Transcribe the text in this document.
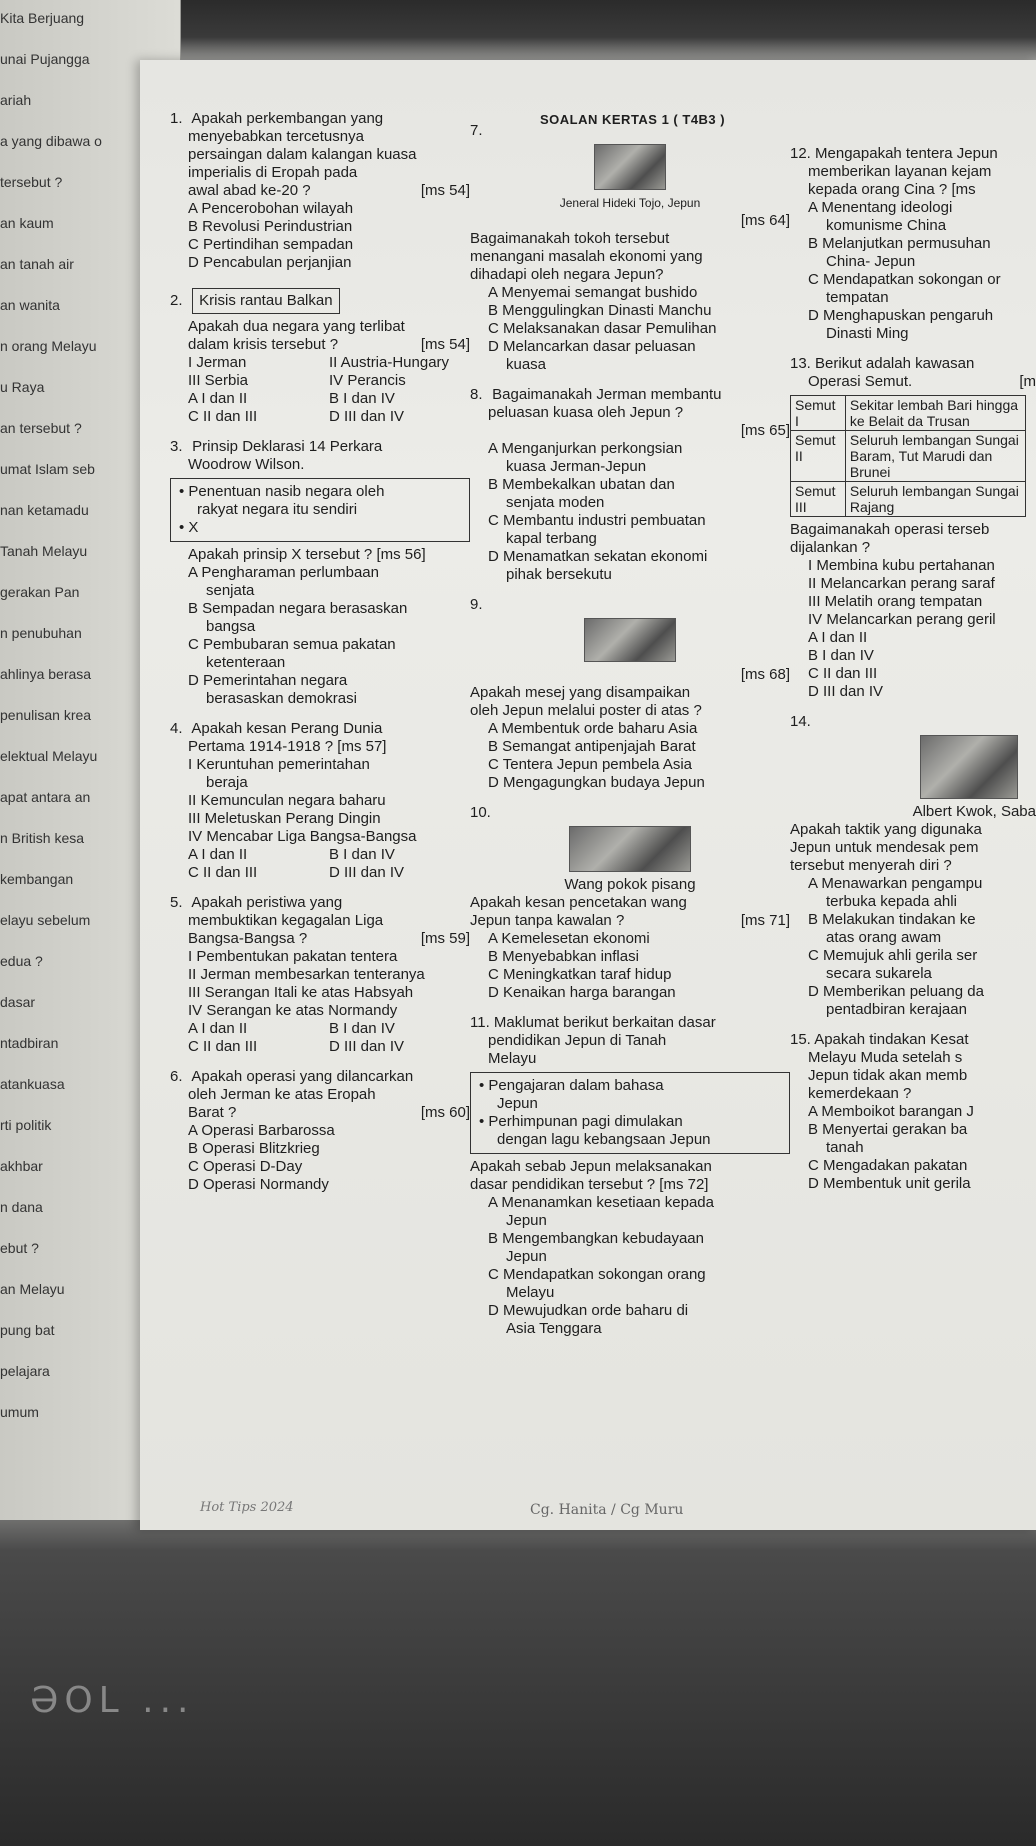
Kita Berjuang
unai Pujangga
ariah
a yang dibawa o
tersebut ?
an kaum
an tanah air
an wanita
n orang Melayu
u Raya
an tersebut ?
umat Islam seb
nan ketamadu
Tanah Melayu
gerakan Pan
n penubuhan
ahlinya berasa
penulisan krea
elektual Melayu
apat antara an
n British kesa
kembangan
elayu sebelum
edua ?
dasar
ntadbiran
atankuasa
rti politik
akhbar
n dana
ebut ?
an Melayu
pung bat
pelajara
umum
SOALAN KERTAS 1 ( T4B3 )
1. Apakah perkembangan yang
menyebabkan tercetusnya
persaingan dalam kalangan kuasa
imperialis di Eropah pada
awal abad ke-20 ?	[ms 54]
A Pencerobohan wilayah
B Revolusi Perindustrian
C Pertindihan sempadan
D Pencabulan perjanjian
2. Krisis rantau Balkan
Apakah dua negara yang terlibat
dalam krisis tersebut ?	[ms 54]
I Jerman	II Austria-Hungary
III Serbia	IV Perancis
A I dan II	B I dan IV
C II dan III	D III dan IV
3. Prinsip Deklarasi 14 Perkara
Woodrow Wilson.
• Penentuan nasib negara oleh
rakyat negara itu sendiri
• X
Apakah prinsip X tersebut ? [ms 56]
A Pengharaman perlumbaan
senjata
B Sempadan negara berasaskan
bangsa
C Pembubaran semua pakatan
ketenteraan
D Pemerintahan negara
berasaskan demokrasi
4. Apakah kesan Perang Dunia
Pertama 1914-1918 ? [ms 57]
I Keruntuhan pemerintahan
beraja
II Kemunculan negara baharu
III Meletuskan Perang Dingin
IV Mencabar Liga Bangsa-Bangsa
A I dan II	B I dan IV
C II dan III	D III dan IV
5. Apakah peristiwa yang
membuktikan kegagalan Liga
Bangsa-Bangsa ?	[ms 59]
I Pembentukan pakatan tentera
II Jerman membesarkan tenteranya
III Serangan Itali ke atas Habsyah
IV Serangan ke atas Normandy
A I dan II	B I dan IV
C II dan III	D III dan IV
6. Apakah operasi yang dilancarkan
oleh Jerman ke atas Eropah
Barat ?	[ms 60]
A Operasi Barbarossa
B Operasi Blitzkrieg
C Operasi D-Day
D Operasi Normandy
7.
Jeneral Hideki Tojo, Jepun
[ms 64]
Bagaimanakah tokoh tersebut
menangani masalah ekonomi yang
dihadapi oleh negara Jepun?
A Menyemai semangat bushido
B Menggulingkan Dinasti Manchu
C Melaksanakan dasar Pemulihan
D Melancarkan dasar peluasan
kuasa
8. Bagaimanakah Jerman membantu
peluasan kuasa oleh Jepun ?
[ms 65]
A Menganjurkan perkongsian
kuasa Jerman-Jepun
B Membekalkan ubatan dan
senjata moden
C Membantu industri pembuatan
kapal terbang
D Menamatkan sekatan ekonomi
pihak bersekutu
9.
[ms 68]
Apakah mesej yang disampaikan
oleh Jepun melalui poster di atas ?
A Membentuk orde baharu Asia
B Semangat antipenjajah Barat
C Tentera Jepun pembela Asia
D Mengagungkan budaya Jepun
10.
Wang pokok pisang
Apakah kesan pencetakan wang
Jepun tanpa kawalan ?	[ms 71]
A Kemelesetan ekonomi
B Menyebabkan inflasi
C Meningkatkan taraf hidup
D Kenaikan harga barangan
11. Maklumat berikut berkaitan dasar
pendidikan Jepun di Tanah
Melayu
• Pengajaran dalam bahasa
Jepun
• Perhimpunan pagi dimulakan
dengan lagu kebangsaan Jepun
Apakah sebab Jepun melaksanakan
dasar pendidikan tersebut ? [ms 72]
A Menanamkan kesetiaan kepada
Jepun
B Mengembangkan kebudayaan
Jepun
C Mendapatkan sokongan orang
Melayu
D Mewujudkan orde baharu di
Asia Tenggara
12. Mengapakah tentera Jepun
memberikan layanan kejam
kepada orang Cina ? [ms
A Menentang ideologi
komunisme China
B Melanjutkan permusuhan
China- Jepun
C Mendapatkan sokongan or
tempatan
D Menghapuskan pengaruh
Dinasti Ming
13. Berikut adalah kawasan
Operasi Semut.	[m
Semut I	Sekitar lembah Bari hingga ke Belait da Trusan
Semut II	Seluruh lembangan Sungai Baram, Tut Marudi dan Brunei
Semut III	Seluruh lembangan Sungai Rajang
Bagaimanakah operasi terseb
dijalankan ?
I Membina kubu pertahanan
II Melancarkan perang saraf
III Melatih orang tempatan
IV Melancarkan perang geril
A I dan II
B I dan IV
C II dan III
D III dan IV
14.
Albert Kwok, Saba
Apakah taktik yang digunaka
Jepun untuk mendesak pem
tersebut menyerah diri ?
A Menawarkan pengampu
terbuka kepada ahli
B Melakukan tindakan ke
atas orang awam
C Memujuk ahli gerila ser
secara sukarela
D Memberikan peluang da
pentadbiran kerajaan
15. Apakah tindakan Kesat
Melayu Muda setelah s
Jepun tidak akan memb
kemerdekaan ?
A Memboikot barangan J
B Menyertai gerakan ba
tanah
C Mengadakan pakatan
D Membentuk unit gerila
Hot Tips 2024	Cg. Hanita / Cg Muru
ƏOL ...
